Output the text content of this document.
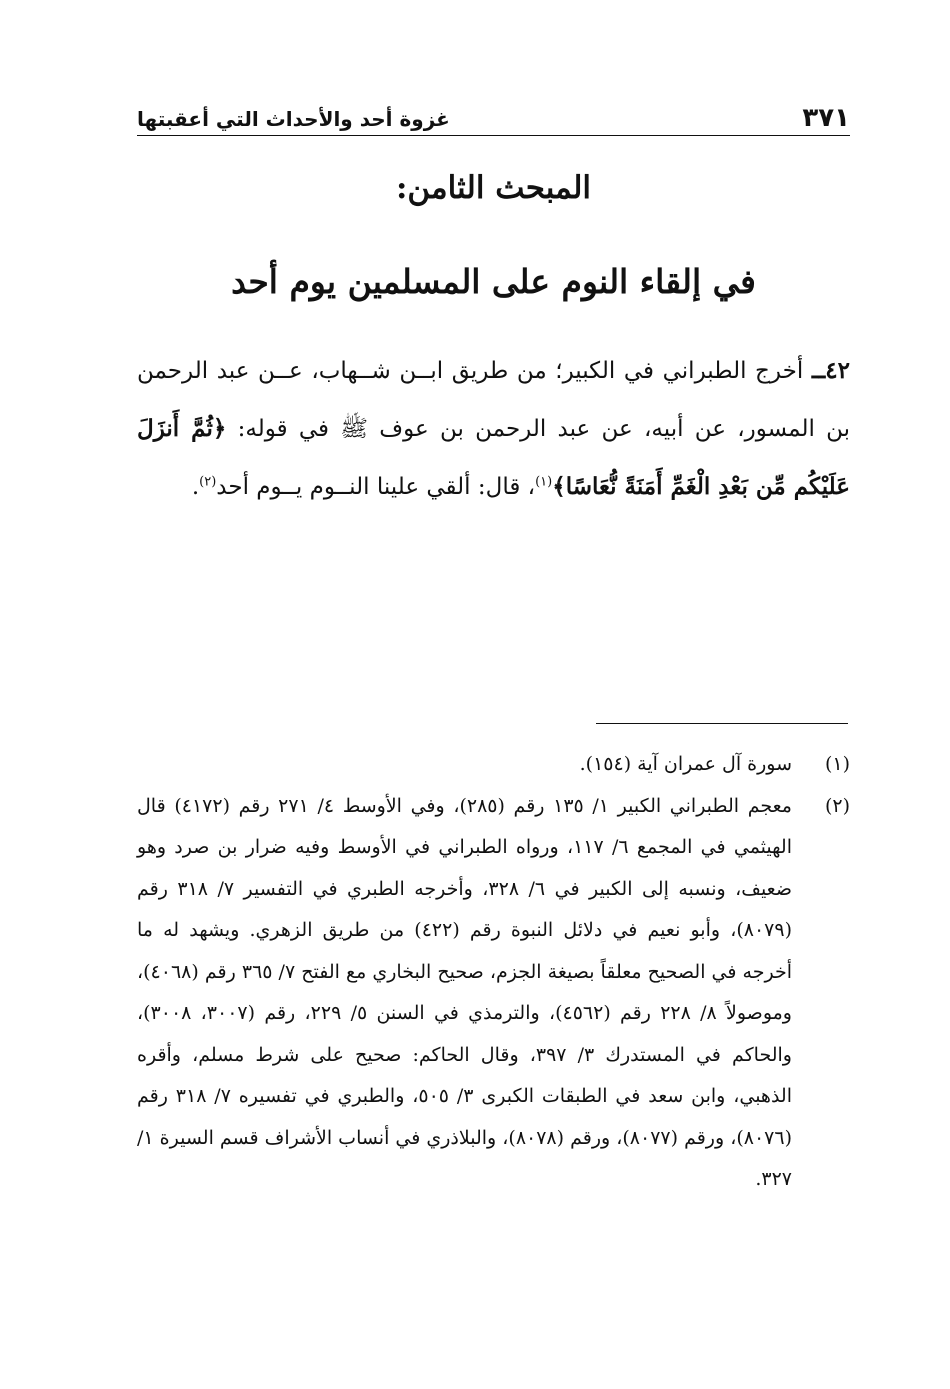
٣٧١
غزوة أحد والأحداث التي أعقبتها
المبحث الثامن:
في إلقاء النوم على المسلمين يوم أحد

٤٢ــ أخرج الطبراني في الكبير؛ من طريق ابــن شــهاب، عــن عبد الرحمن بن المسور، عن أبيه، عن عبد الرحمن بن عوف ﷺ في قوله: ﴿ثُمَّ أَنزَلَ عَلَيْكُم مِّن بَعْدِ الْغَمِّ أَمَنَةً نُّعَاسًا﴾$^{(١)}$، قال: ألقي علينا النــوم يــوم أحد$^{(٢)}$.

(١)
سورة آل عمران آية (١٥٤).
(٢)
معجم الطبراني الكبير ١/ ١٣٥ رقم (٢٨٥)، وفي الأوسط ٤/ ٢٧١ رقم (٤١٧٢) قال الهيثمي في المجمع ٦/ ١١٧، ورواه الطبراني في الأوسط وفيه ضرار بن صرد وهو ضعيف، ونسبه إلى الكبير في ٦/ ٣٢٨، وأخرجه الطبري في التفسير ٧/ ٣١٨ رقم (٨٠٧٩)، وأبو نعيم في دلائل النبوة رقم (٤٢٢) من طريق الزهري. ويشهد له ما أخرجه في الصحيح معلقاً بصيغة الجزم، صحيح البخاري مع الفتح ٧/ ٣٦٥ رقم (٤٠٦٨)، وموصولاً ٨/ ٢٢٨ رقم (٤٥٦٢)، والترمذي في السنن ٥/ ٢٢٩، رقم (٣٠٠٧، ٣٠٠٨)، والحاكم في المستدرك ٣/ ٣٩٧، وقال الحاكم: صحيح على شرط مسلم، وأقره الذهبي، وابن سعد في الطبقات الكبرى ٣/ ٥٠٥، والطبري في تفسيره ٧/ ٣١٨ رقم (٨٠٧٦)، ورقم (٨٠٧٧)، ورقم (٨٠٧٨)، والبلاذري في أنساب الأشراف قسم السيرة ١/ ٣٢٧.
